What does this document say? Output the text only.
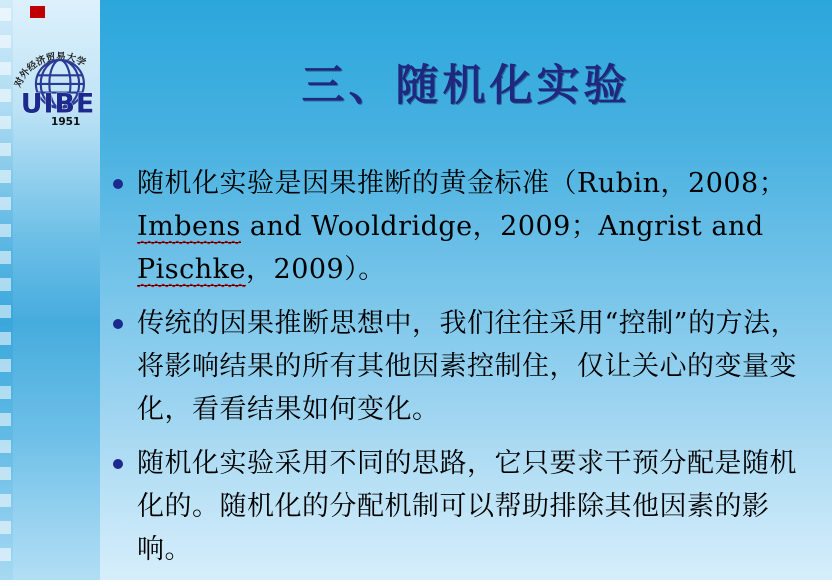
对外经济贸易大学
UIBE
1951
三、随机化实验
随机化实验是因果推断的黄金标准（Rubin，2008；Imbens and Wooldridge，2009；Angrist and Pischke，2009）。
传统的因果推断思想中，我们往往采用“控制”的方法，将影响结果的所有其他因素控制住，仅让关心的变量变化，看看结果如何变化。
随机化实验采用不同的思路，它只要求干预分配是随机化的。随机化的分配机制可以帮助排除其他因素的影响。
